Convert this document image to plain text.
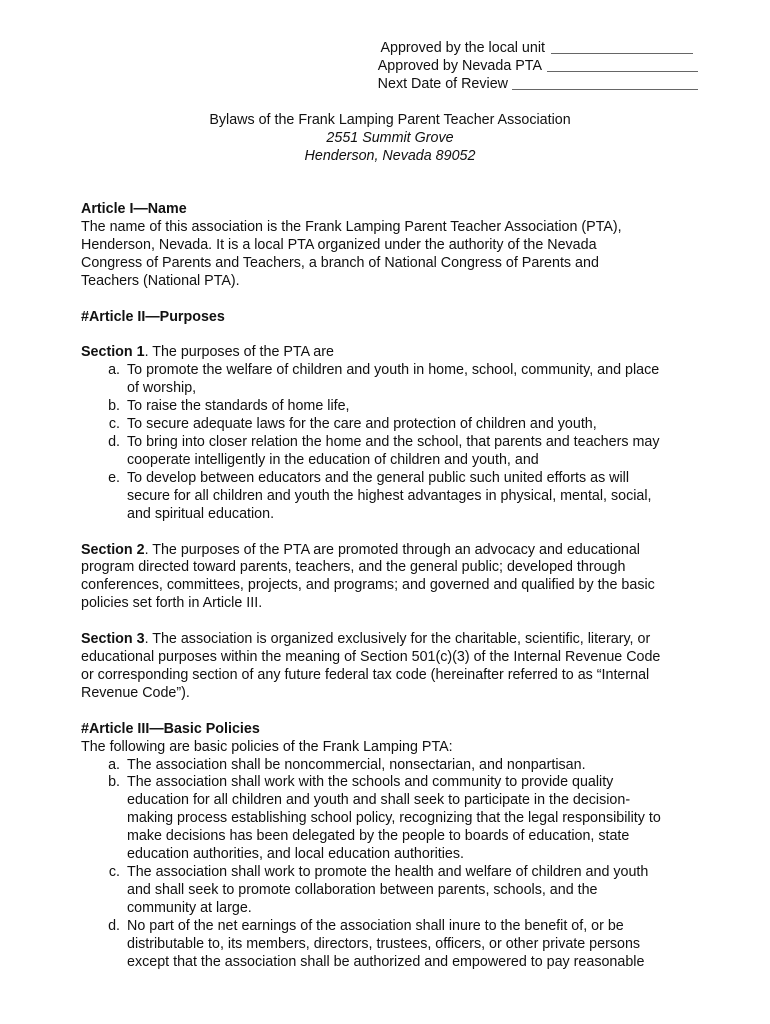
Approved by the local unit
Approved by Nevada PTA
Next Date of Review
Bylaws of the Frank Lamping Parent Teacher Association
2551 Summit Grove
Henderson, Nevada 89052
Article I—Name
The name of this association is the Frank Lamping Parent Teacher Association (PTA),
Henderson, Nevada. It is a local PTA organized under the authority of the Nevada
Congress of Parents and Teachers, a branch of National Congress of Parents and
Teachers (National PTA).
#Article II—Purposes
Section 1. The purposes of the PTA are
a. To promote the welfare of children and youth in home, school, community, and place
of worship,
b. To raise the standards of home life,
c. To secure adequate laws for the care and protection of children and youth,
d. To bring into closer relation the home and the school, that parents and teachers may
cooperate intelligently in the education of children and youth, and
e. To develop between educators and the general public such united efforts as will
secure for all children and youth the highest advantages in physical, mental, social,
and spiritual education.
Section 2. The purposes of the PTA are promoted through an advocacy and educational
program directed toward parents, teachers, and the general public; developed through
conferences, committees, projects, and programs; and governed and qualified by the basic
policies set forth in Article III.
Section 3. The association is organized exclusively for the charitable, scientific, literary, or
educational purposes within the meaning of Section 501(c)(3) of the Internal Revenue Code
or corresponding section of any future federal tax code (hereinafter referred to as “Internal
Revenue Code”).
#Article III—Basic Policies
The following are basic policies of the Frank Lamping PTA:
a. The association shall be noncommercial, nonsectarian, and nonpartisan.
b. The association shall work with the schools and community to provide quality
education for all children and youth and shall seek to participate in the decision-
making process establishing school policy, recognizing that the legal responsibility to
make decisions has been delegated by the people to boards of education, state
education authorities, and local education authorities.
c. The association shall work to promote the health and welfare of children and youth
and shall seek to promote collaboration between parents, schools, and the
community at large.
d. No part of the net earnings of the association shall inure to the benefit of, or be
distributable to, its members, directors, trustees, officers, or other private persons
except that the association shall be authorized and empowered to pay reasonable
